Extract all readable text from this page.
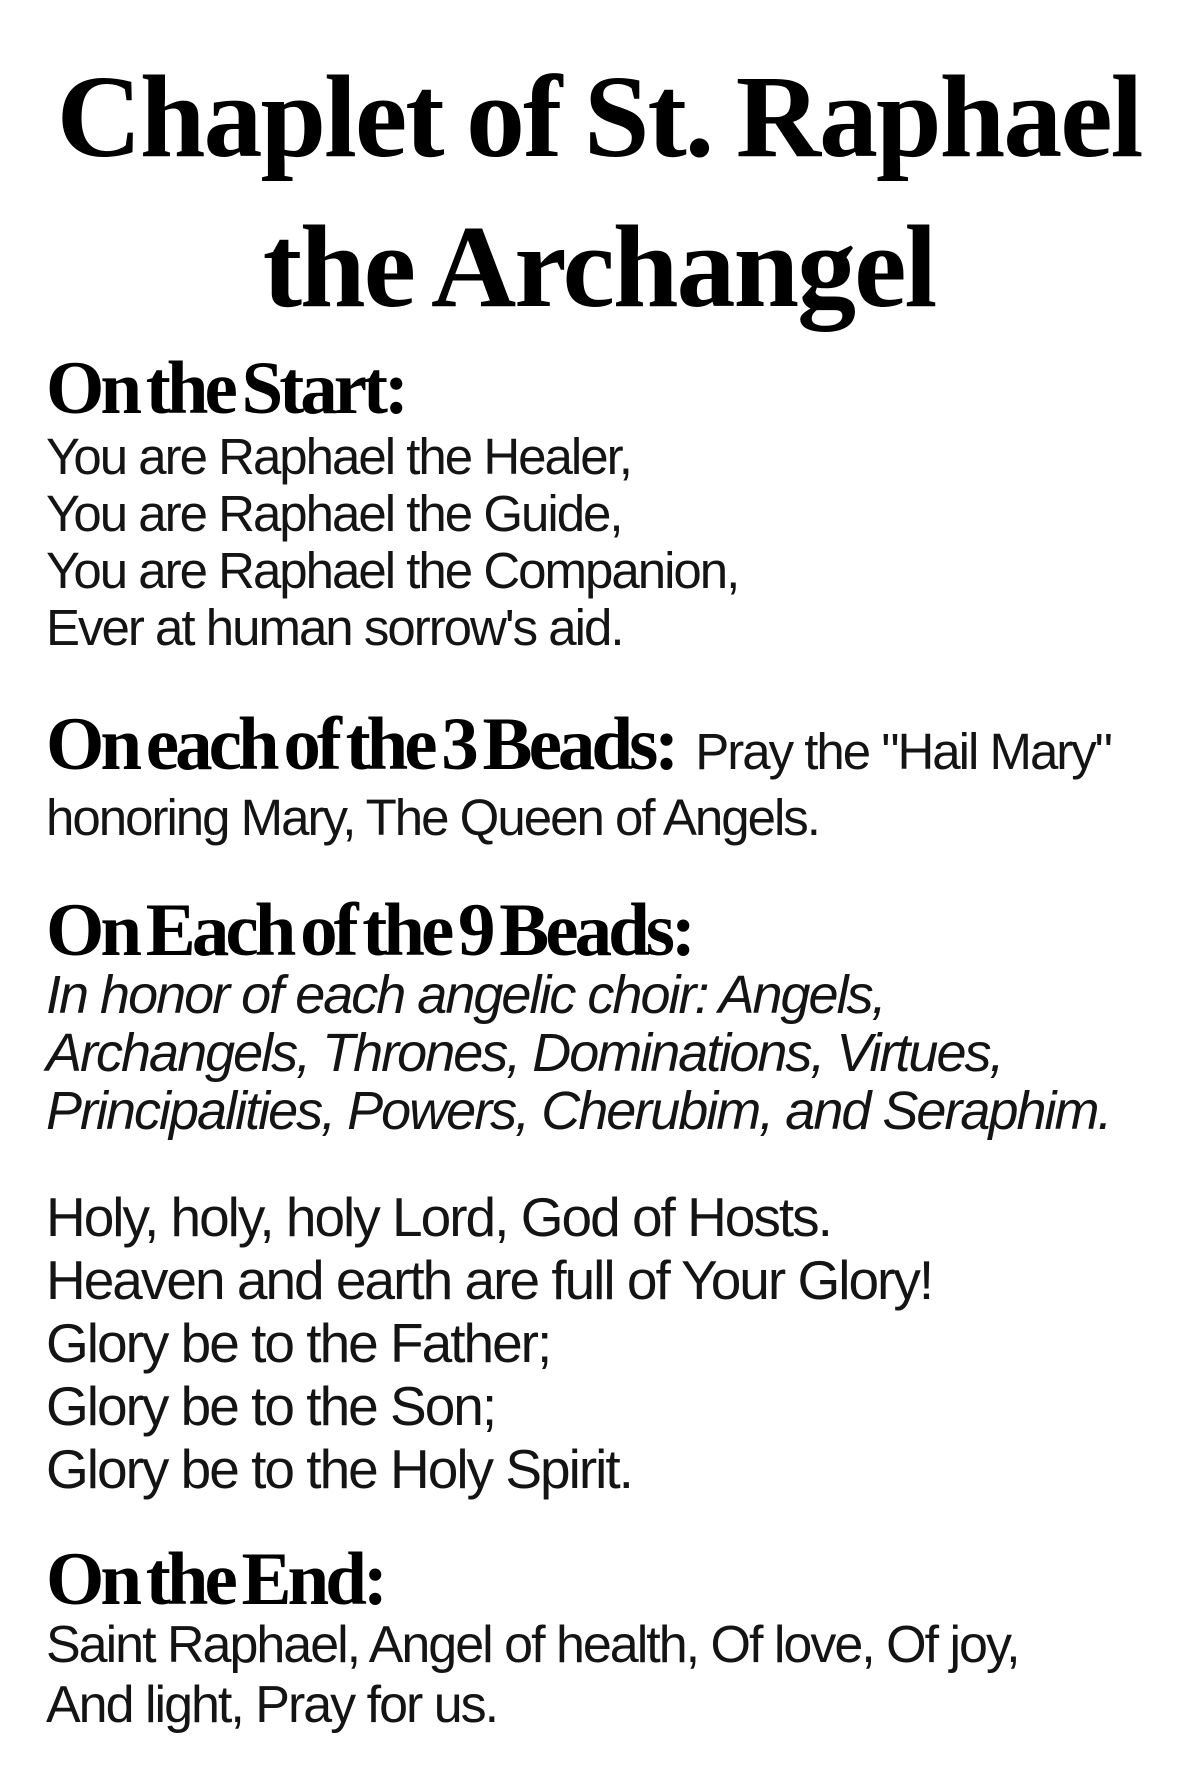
Chaplet of St. Raphael
the Archangel
On the Start:

You are Raphael the Healer,

You are Raphael the Guide,

You are Raphael the Companion,

Ever at human sorrow's aid.

On each of the 3 Beads: Pray the "Hail Mary"

honoring Mary, The Queen of Angels.

On Each of the 9 Beads:

In honor of each angelic choir: Angels,

Archangels, Thrones, Dominations, Virtues,

Principalities, Powers, Cherubim, and Seraphim.

Holy, holy, holy Lord, God of Hosts.

Heaven and earth are full of Your Glory!

Glory be to the Father;

Glory be to the Son;

Glory be to the Holy Spirit.

On the End:

Saint Raphael, Angel of health, Of love, Of joy,

And light, Pray for us.
